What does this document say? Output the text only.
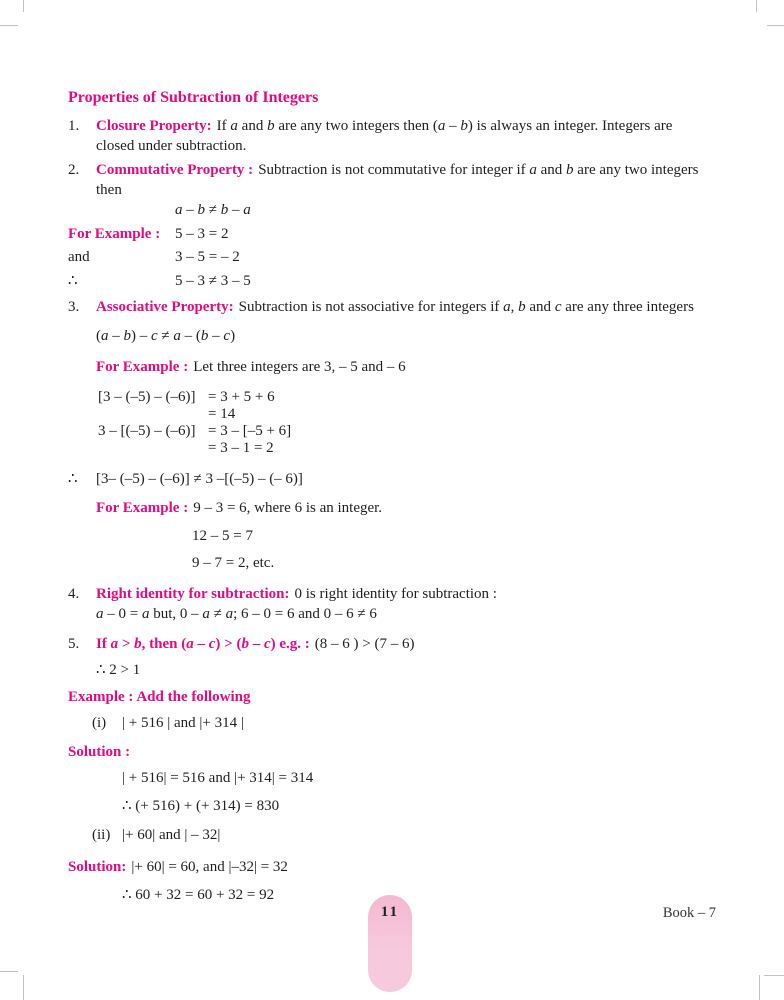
Properties of Subtraction of Integers
1.	Closure Property: If a and b are any two integers then (a – b) is always an integer. Integers are
closed under subtraction.
2.	Commutative Property : Subtraction is not commutative for integer if a and b are any two integers
then
a – b ≠ b – a
For Example : 5 – 3 = 2
and	3 – 5 = – 2
∴	5 – 3 ≠ 3 – 5
3.	Associative Property: Subtraction is not associative for integers if a, b and c are any three integers
(a – b) – c ≠ a – (b – c)
For Example : Let three integers are 3, – 5 and – 6
[3 – (–5) – (–6)] = 3 + 5 + 6
= 14
3 – [(–5) – (–6)] = 3 – [–5 + 6]
= 3 – 1 = 2
∴	[3– (–5) – (–6)] ≠ 3 –[(–5) – (– 6)]
For Example : 9 – 3 = 6, where 6 is an integer.
12 – 5 = 7
9 – 7 = 2, etc.
4.	Right identity for subtraction: 0 is right identity for subtraction :
a – 0 = a but, 0 – a ≠ a; 6 – 0 = 6 and 0 – 6 ≠ 6
5.	If a > b, then (a – c) > (b – c) e.g. : (8 – 6 ) > (7 – 6)
∴ 2 > 1
Example : Add the following
(i)	| + 516 | and |+ 314 |
Solution :
| + 516| = 516 and |+ 314| = 314
∴ (+ 516) + (+ 314) = 830
(ii) |+ 60| and | – 32|
Solution: |+ 60| = 60, and |–32| = 32
∴ 60 + 32 = 60 + 32 = 92
11	Book – 7
